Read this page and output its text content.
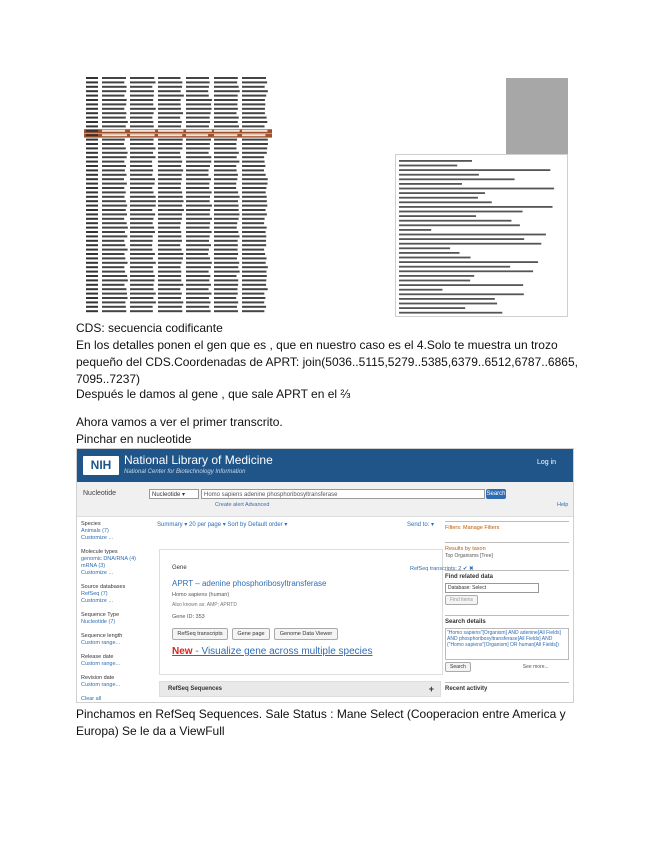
CDS: secuencia codificante

En los detalles ponen el gen que es , que en nuestro caso es el 4.Solo te muestra un trozo pequeño del CDS.Coordenadas de APRT: join(5036..5115,5279..5385,6379..6512,6787..6865, 7095..7237)

Después le damos al gene , que sale APRT en el ⅔

Ahora vamos a ver el primer transcrito.

Pinchar en nucleotide

NIH	National Library of Medicine
National Center for Biotechnology Information
Log in
Nucleotide	Nucleotide ▾	Homo sapiens adenine phosphoribosyltransferase	Search
Create alert Advanced	Help
Species
Animals (7)
Customize ...
Molecule types
genomic DNA/RNA (4)
mRNA (3)
Customize ...
Source databases
RefSeq (7)
Customize ...
Sequence Type
Nucleotide (7)
Sequence length
Custom range...
Release date
Custom range...
Revision date
Custom range...
Clear all
Summary ▾ 20 per page ▾ Sort by Default order ▾	Send to: ▾
Gene	RefSeq transcripts: 2 ✔ ✖
APRT – adenine phosphoribosyltransferase
Homo sapiens (human)
Also known as: AMP; APRTD
Gene ID: 353
RefSeq transcripts	Gene page	Genome Data Viewer
New - Visualize gene across multiple species
RefSeq Sequences	+
Filters: Manage Filters
Results by taxon
Top Organisms [Tree]
Find related data
Database: Select
Find items
Search details
"Homo sapiens"[Organism] AND adenine[All Fields] AND phosphoribosyltransferase[All Fields] AND ("Homo sapiens"[Organism] OR human[All Fields])
Search	See more...
Recent activity

Pinchamos en RefSeq Sequences. Sale Status : Mane Select (Cooperacion entre America y Europa) Se le da a ViewFull
